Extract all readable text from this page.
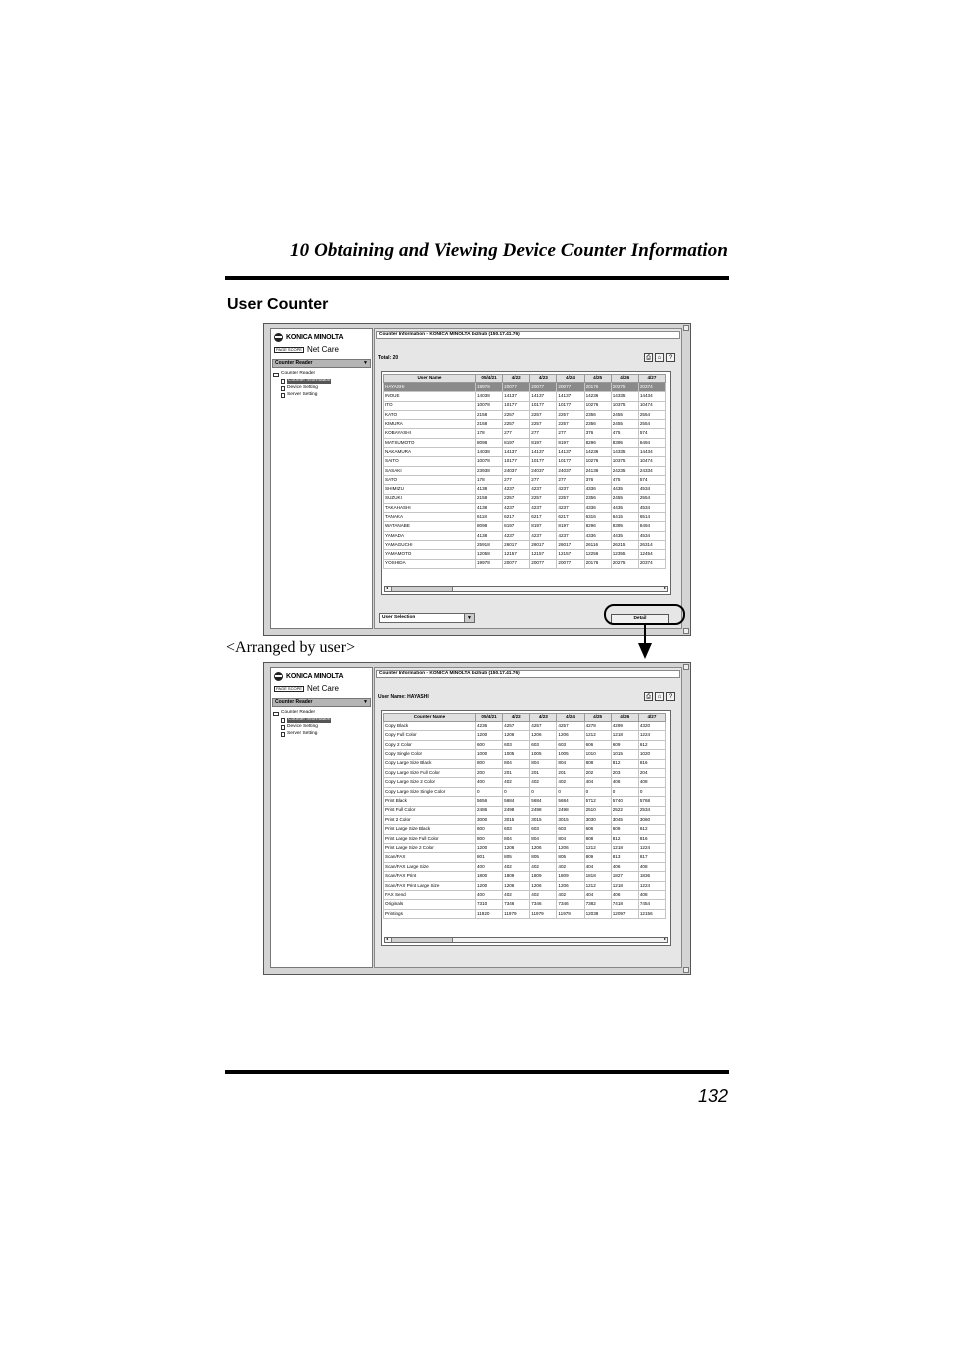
10 Obtaining and Viewing Device Counter Information
User Counter
KONICA MINOLTA
PAGE SCOPE Net Care
Counter Reader	▼
Counter Reader
Counter Information
Device Setting
Server Setting
Counter Information - KONICA MINOLTA bizhub (150.17.41.76)
Total: 20	⎙	⌂	?
User Name	05/4/21	4/22	4/23	4/24	4/25	4/26	4/27
HAYASHI	19978	20077	20077	20077	20176	20275	20374
INOUE	14038	14137	14137	14137	14236	14335	14434
ITO	10078	10177	10177	10177	10276	10375	10474
KATO	2158	2257	2257	2257	2356	2455	2554
KIMURA	2158	2257	2257	2257	2356	2455	2554
KOBAYASHI	178	277	277	277	376	475	574
MATSUMOTO	8098	8197	8197	8197	8296	8395	8494
NAKAMURA	14038	14137	14137	14137	14236	14335	14434
SAITO	10078	10177	10177	10177	10276	10375	10474
SASAKI	23938	24037	24037	24037	24136	24235	24334
SATO	178	277	277	277	376	475	574
SHIMIZU	4138	4237	4237	4237	4336	4435	4534
SUZUKI	2158	2257	2257	2257	2356	2455	2554
TAKAHASHI	4138	4237	4237	4237	4336	4435	4534
TANAKA	6118	6217	6217	6217	6316	6415	6514
WATANABE	8098	8197	8197	8197	8296	8395	8494
YAMADA	4138	4237	4237	4237	4336	4435	4534
YAMAGUCHI	25918	26017	26017	26017	26116	26215	26314
YAMAMOTO	12058	12157	12157	12157	12256	12355	12454
YOSHIDA	19978	20077	20077	20077	20176	20275	20374
◂	▸
User Selection	▼	Detail
<Arranged by user>
KONICA MINOLTA
PAGE SCOPE Net Care
Counter Reader	▼
Counter Reader
Counter Information
Device Setting
Server Setting
Counter Information - KONICA MINOLTA bizhub (150.17.41.76)
User Name: HAYASHI	⎙	⌂	?
Counter Name	05/4/21	4/22	4/23	4/24	4/25	4/26	4/27
Copy Black	4236	4257	4257	4257	4278	4299	4320
Copy Full Color	1200	1206	1206	1206	1212	1218	1224
Copy 2 Color	600	603	603	603	606	609	612
Copy Single Color	1000	1005	1005	1005	1010	1015	1020
Copy Large Size Black	800	804	804	804	808	812	816
Copy Large Size Full Color	200	201	201	201	202	203	204
Copy Large Size 2 Color	400	402	402	402	404	406	408
Copy Large Size Single Color	0	0	0	0	0	0	0
Print Black	5656	5684	5684	5684	5712	5740	5768
Print Full Color	2486	2498	2498	2498	2510	2522	2534
Print 2 Color	3000	3015	3015	3015	3030	3045	3060
Print Large Size Black	600	603	603	603	606	609	612
Print Large Size Full Color	800	804	804	804	808	812	816
Print Large Size 2 Color	1200	1206	1206	1206	1212	1218	1224
Scan/FAX	801	805	805	805	809	813	817
Scan/FAX Large Size	400	402	402	402	404	406	408
Scan/FAX Print	1800	1809	1809	1809	1818	1827	1836
Scan/FAX Print Large Size	1200	1206	1206	1206	1212	1218	1224
FAX Send	400	402	402	402	404	406	408
Originals	7310	7346	7346	7346	7382	7418	7454
Printings	11920	11979	11979	11979	12038	12097	12156
◂	▸
132
